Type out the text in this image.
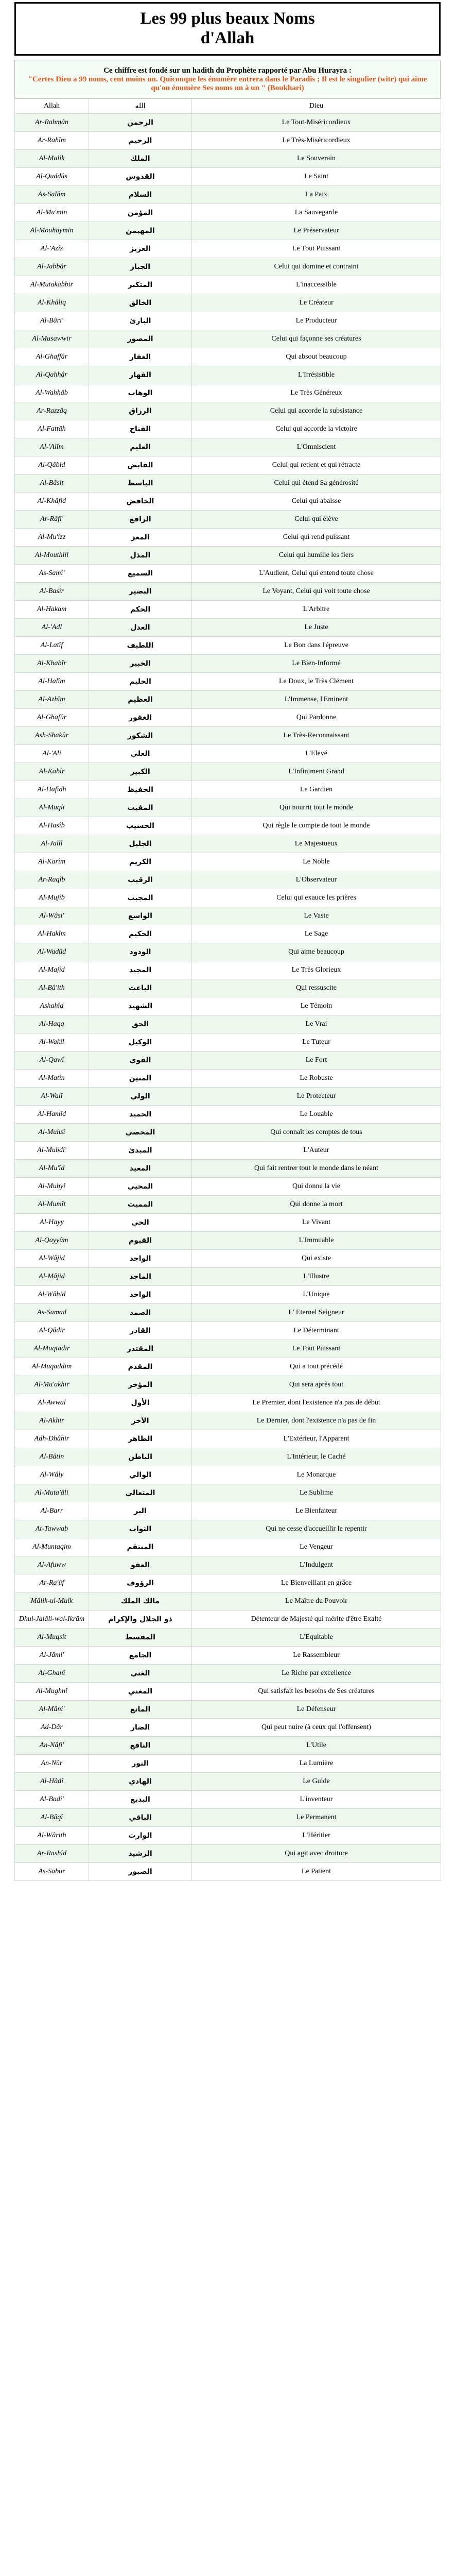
Les 99 plus beaux Noms
d'Allah
Ce chiffre est fondé sur un hadith du Prophète rapporté par Abu Hurayra :
"Certes Dieu a 99 noms, cent moins un. Quiconque les énumère entrera dans le Paradis ; Il est le singulier (witr) qui aime qu'on énumère Ses noms un à un " (Boukhari)
Allah	الله	Dieu
Ar-Rahmân	الرحمن	Le Tout-Miséricordieux
Ar-Rahîm	الرحيم	Le Très-Miséricordieux
Al-Malik	الملك	Le Souverain
Al-Quddûs	القدوس	Le Saint
As-Salâm	السلام	La Paix
Al-Mu'min	المؤمن	La Sauvegarde
Al-Mouhaymin	المهيمن	Le Préservateur
Al-'Azîz	العزيز	Le Tout Puissant
Al-Jabbâr	الجبار	Celui qui domine et contraint
Al-Mutakabbir	المتكبر	L'inaccessible
Al-Khâliq	الخالق	Le Créateur
Al-Bâri'	البارئ	Le Producteur
Al-Musawwir	المصور	Celui qui façonne ses créatures
Al-Ghaffâr	الغفار	Qui absout beaucoup
Al-Qahhâr	القهار	L'Irrésistible
Al-Wahhâb	الوهاب	Le Très Généreux
Ar-Razzâq	الرزاق	Celui qui accorde la subsistance
Al-Fattâh	الفتاح	Celui qui accorde la victoire
Al-'Alîm	العليم	L'Omniscient
Al-Qâbid	القابض	Celui qui retient et qui rétracte
Al-Bâsit	الباسط	Celui qui étend Sa générosité
Al-Khâfid	الخافض	Celui qui abaisse
Ar-Râfi'	الرافع	Celui qui élève
Al-Mu'izz	المعز	Celui qui rend puissant
Al-Mouthill	المذل	Celui qui humilie les fiers
As-Samî'	السميع	L'Audient, Celui qui entend toute chose
Al-Basîr	البصير	Le Voyant, Celui qui voit toute chose
Al-Hakam	الحكم	L'Arbitre
Al-'Adl	العدل	Le Juste
Al-Latîf	اللطيف	Le Bon dans l'épreuve
Al-Khabîr	الخبير	Le Bien-Informé
Al-Halîm	الحليم	Le Doux, le Très Clément
Al-Azhîm	العظيم	L'Immense, l'Eminent
Al-Ghafûr	الغفور	Qui Pardonne
Ash-Shakûr	الشكور	Le Très-Reconnaissant
Al-'Ali	العلي	L'Elevé
Al-Kabîr	الكبير	L'Infiniment Grand
Al-Hafîdh	الحفيظ	Le Gardien
Al-Muqît	المقيت	Qui nourrit tout le monde
Al-Hasîb	الحسيب	Qui règle le compte de tout le monde
Al-Jalîl	الجليل	Le Majestueux
Al-Karîm	الكريم	Le Noble
Ar-Raqîb	الرقيب	L'Observateur
Al-Mujîb	المجيب	Celui qui exauce les prières
Al-Wâsi'	الواسع	Le Vaste
Al-Hakîm	الحكيم	Le Sage
Al-Wadûd	الودود	Qui aime beaucoup
Al-Majîd	المجيد	Le Très Glorieux
Al-Bâ'ith	الباعث	Qui ressuscite
Ashahîd	الشهيد	Le Témoin
Al-Haqq	الحق	Le Vrai
Al-Wakîl	الوكيل	Le Tuteur
Al-Qawî	القوي	Le Fort
Al-Matîn	المتين	Le Robuste
Al-Walî	الولي	Le Protecteur
Al-Hamîd	الحميد	Le Louable
Al-Muhsî	المحصي	Qui connaît les comptes de tous
Al-Mubdi'	المبدئ	L'Auteur
Al-Mu'îd	المعيد	Qui fait rentrer tout le monde dans le néant
Al-Muhyî	المحيي	Qui donne la vie
Al-Mumît	المميت	Qui donne la mort
Al-Hayy	الحي	Le Vivant
Al-Qayyûm	القيوم	L'Immuable
Al-Wâjid	الواجد	Qui existe
Al-Mâjid	الماجد	L'Illustre
Al-Wâhid	الواحد	L'Unique
As-Samad	الصمد	L' Eternel Seigneur
Al-Qâdir	القادر	Le Déterminant
Al-Muqtadir	المقتدر	Le Tout Puissant
Al-Muqaddim	المقدم	Qui a tout précédé
Al-Mu'akhir	المؤخر	Qui sera après tout
Al-Awwal	الأول	Le Premier, dont l'existence n'a pas de début
Al-Akhir	الآخر	Le Dernier, dont l'existence n'a pas de fin
Adh-Dhâhir	الظاهر	L'Extérieur, l'Apparent
Al-Bâtin	الباطن	L'Intérieur, le Caché
Al-Wâly	الوالي	Le Monarque
Al-Muta'âli	المتعالي	Le Sublime
Al-Barr	البر	Le Bienfaiteur
At-Tawwab	التواب	Qui ne cesse d'accueillir le repentir
Al-Muntaqim	المنتقم	Le Vengeur
Al-Afuww	العفو	L'Indulgent
Ar-Ra'ûf	الرؤوف	Le Bienveillant en grâce
Mâlik-ul-Mulk	مالك الملك	Le Maître du Pouvoir
Dhul-Jalâli-wal-Ikrâm	ذو الجلال والإكرام	Détenteur de Majesté qui mérite d'être Exalté
Al-Muqsit	المقسط	L'Equitable
Al-Jâmi'	الجامع	Le Rassembleur
Al-Ghanî	الغني	Le Riche par excellence
Al-Mughnî	المغني	Qui satisfait les besoins de Ses créatures
Al-Mâni'	المانع	Le Défenseur
Ad-Dâr	الضار	Qui peut nuire (à ceux qui l'offensent)
An-Nâfi'	النافع	L'Utile
An-Nûr	النور	La Lumière
Al-Hâdî	الهادي	Le Guide
Al-Badî'	البديع	L'inventeur
Al-Bâqî	الباقي	Le Permanent
Al-Wârith	الوارث	L'Héritier
Ar-Rashîd	الرشيد	Qui agit avec droiture
As-Sabur	الصبور	Le Patient
